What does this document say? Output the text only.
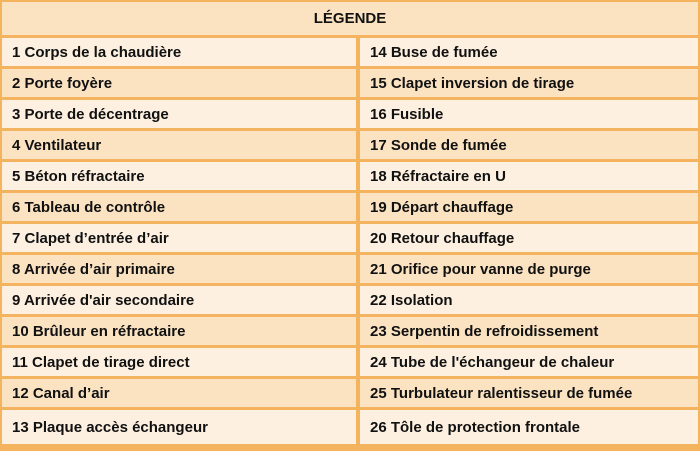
LÉGENDE
1 Corps de la chaudière	14 Buse de fumée
2 Porte foyère	15 Clapet inversion de tirage
3 Porte de décentrage	16 Fusible
4 Ventilateur	17 Sonde de fumée
5 Béton réfractaire	18 Réfractaire en U
6 Tableau de contrôle	19 Départ chauffage
7 Clapet d’entrée d’air	20 Retour chauffage
8 Arrivée d’air primaire	21 Orifice pour vanne de purge
9 Arrivée d'air secondaire	22 Isolation
10 Brûleur en réfractaire	23 Serpentin de refroidissement
11 Clapet de tirage direct	24 Tube de l'échangeur de chaleur
12 Canal d’air	25 Turbulateur ralentisseur de fumée
13 Plaque accès échangeur	26 Tôle de protection frontale
